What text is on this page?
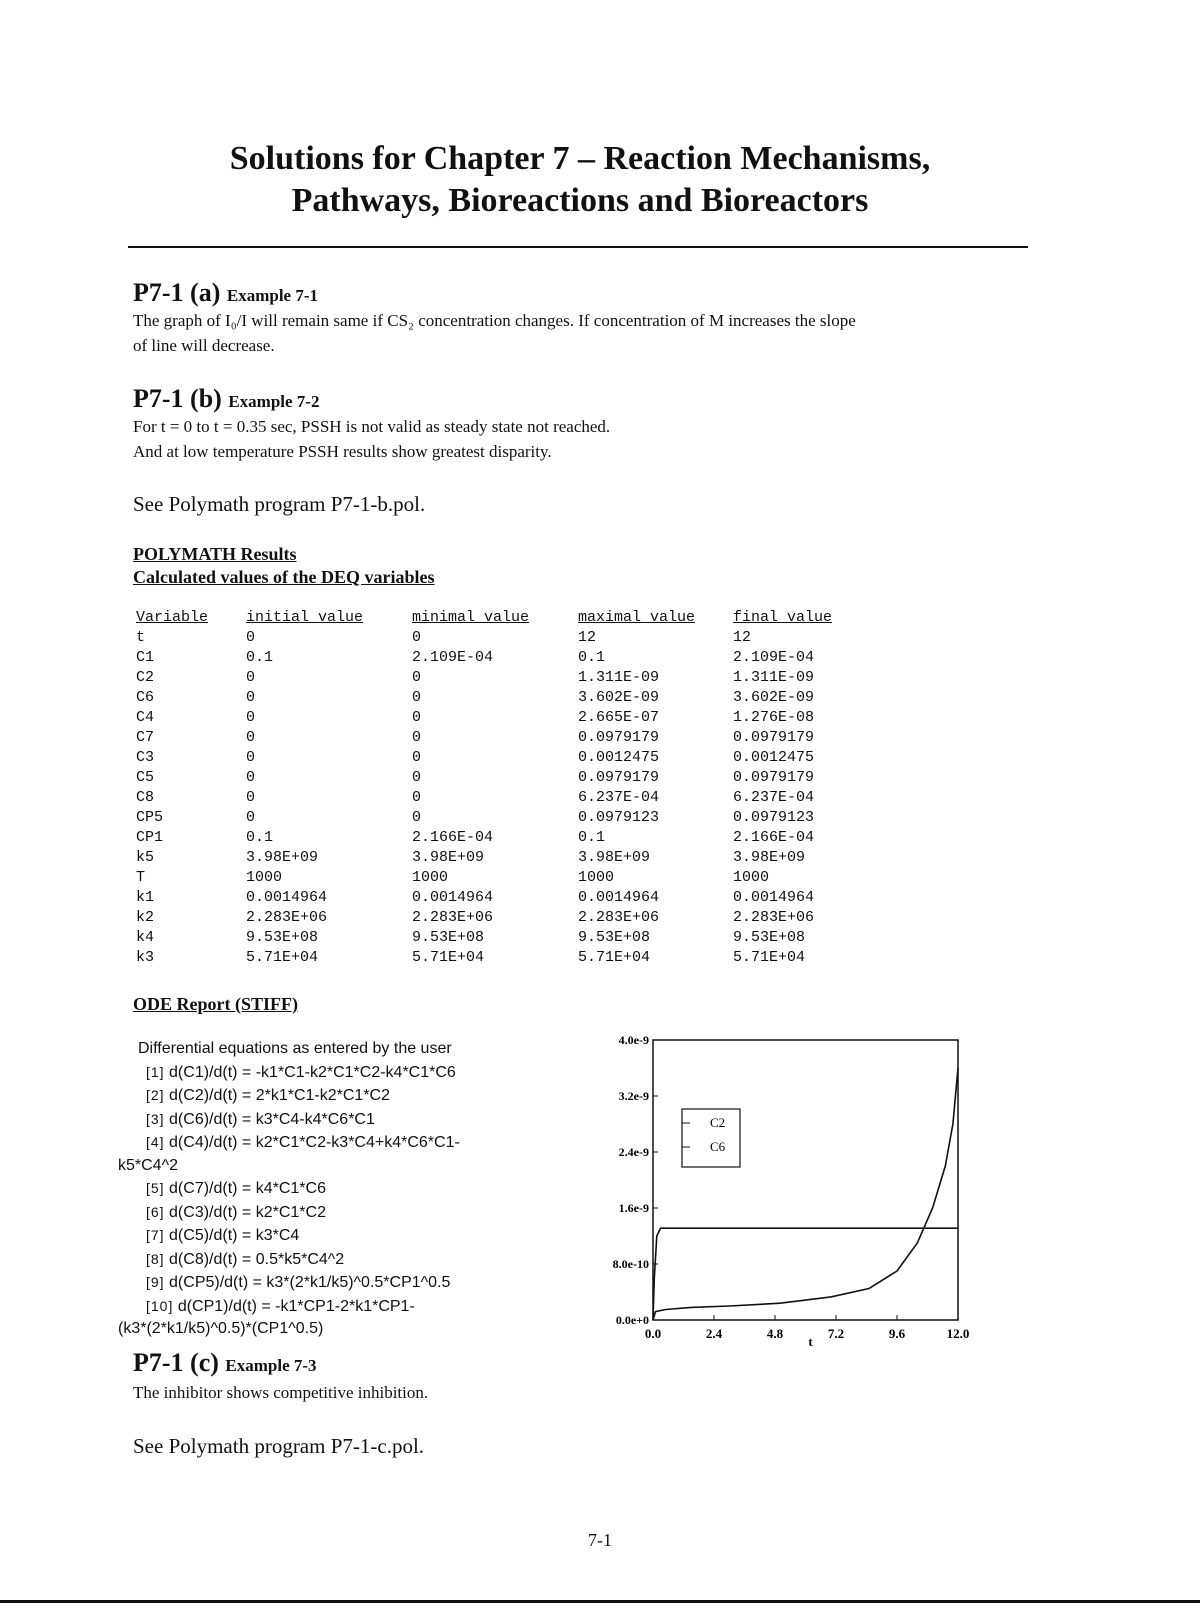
Solutions for Chapter 7 – Reaction Mechanisms,
Pathways, Bioreactions and Bioreactors
P7-1 (a) Example 7-1
The graph of I₀/I will remain same if CS₂ concentration changes. If concentration of M increases the slope
of line will decrease.
P7-1 (b) Example 7-2
For t = 0 to t = 0.35 sec, PSSH is not valid as steady state not reached.
And at low temperature PSSH results show greatest disparity.
See Polymath program P7-1-b.pol.
POLYMATH Results
Calculated values of the DEQ variables
Variable	initial value	minimal value	maximal value	final value
t	0	0	12	12
C1	0.1	2.109E-04	0.1	2.109E-04
C2	0	0	1.311E-09	1.311E-09
C6	0	0	3.602E-09	3.602E-09
C4	0	0	2.665E-07	1.276E-08
C7	0	0	0.0979179	0.0979179
C3	0	0	0.0012475	0.0012475
C5	0	0	0.0979179	0.0979179
C8	0	0	6.237E-04	6.237E-04
CP5	0	0	0.0979123	0.0979123
CP1	0.1	2.166E-04	0.1	2.166E-04
k5	3.98E+09	3.98E+09	3.98E+09	3.98E+09
T	1000	1000	1000	1000
k1	0.0014964	0.0014964	0.0014964	0.0014964
k2	2.283E+06	2.283E+06	2.283E+06	2.283E+06
k4	9.53E+08	9.53E+08	9.53E+08	9.53E+08
k3	5.71E+04	5.71E+04	5.71E+04	5.71E+04
ODE Report (STIFF)
Differential equations as entered by the user
[1] d(C1)/d(t) = -k1*C1-k2*C1*C2-k4*C1*C6
[2] d(C2)/d(t) = 2*k1*C1-k2*C1*C2
[3] d(C6)/d(t) = k3*C4-k4*C6*C1
[4] d(C4)/d(t) = k2*C1*C2-k3*C4+k4*C6*C1-
k5*C4^2
[5] d(C7)/d(t) = k4*C1*C6
[6] d(C3)/d(t) = k2*C1*C2
[7] d(C5)/d(t) = k3*C4
[8] d(C8)/d(t) = 0.5*k5*C4^2
[9] d(CP5)/d(t) = k3*(2*k1/k5)^0.5*CP1^0.5
[10] d(CP1)/d(t) = -k1*CP1-2*k1*CP1-
(k3*(2*k1/k5)^0.5)*(CP1^0.5)	0.0e+0
8.0e-10
1.6e-9
2.4e-9
3.2e-9
4.0e-9
0.0	2.4	4.8	7.2	9.6	12.0
t
C2
C6
P7-1 (c) Example 7-3
The inhibitor shows competitive inhibition.
See Polymath program P7-1-c.pol.
7-1
